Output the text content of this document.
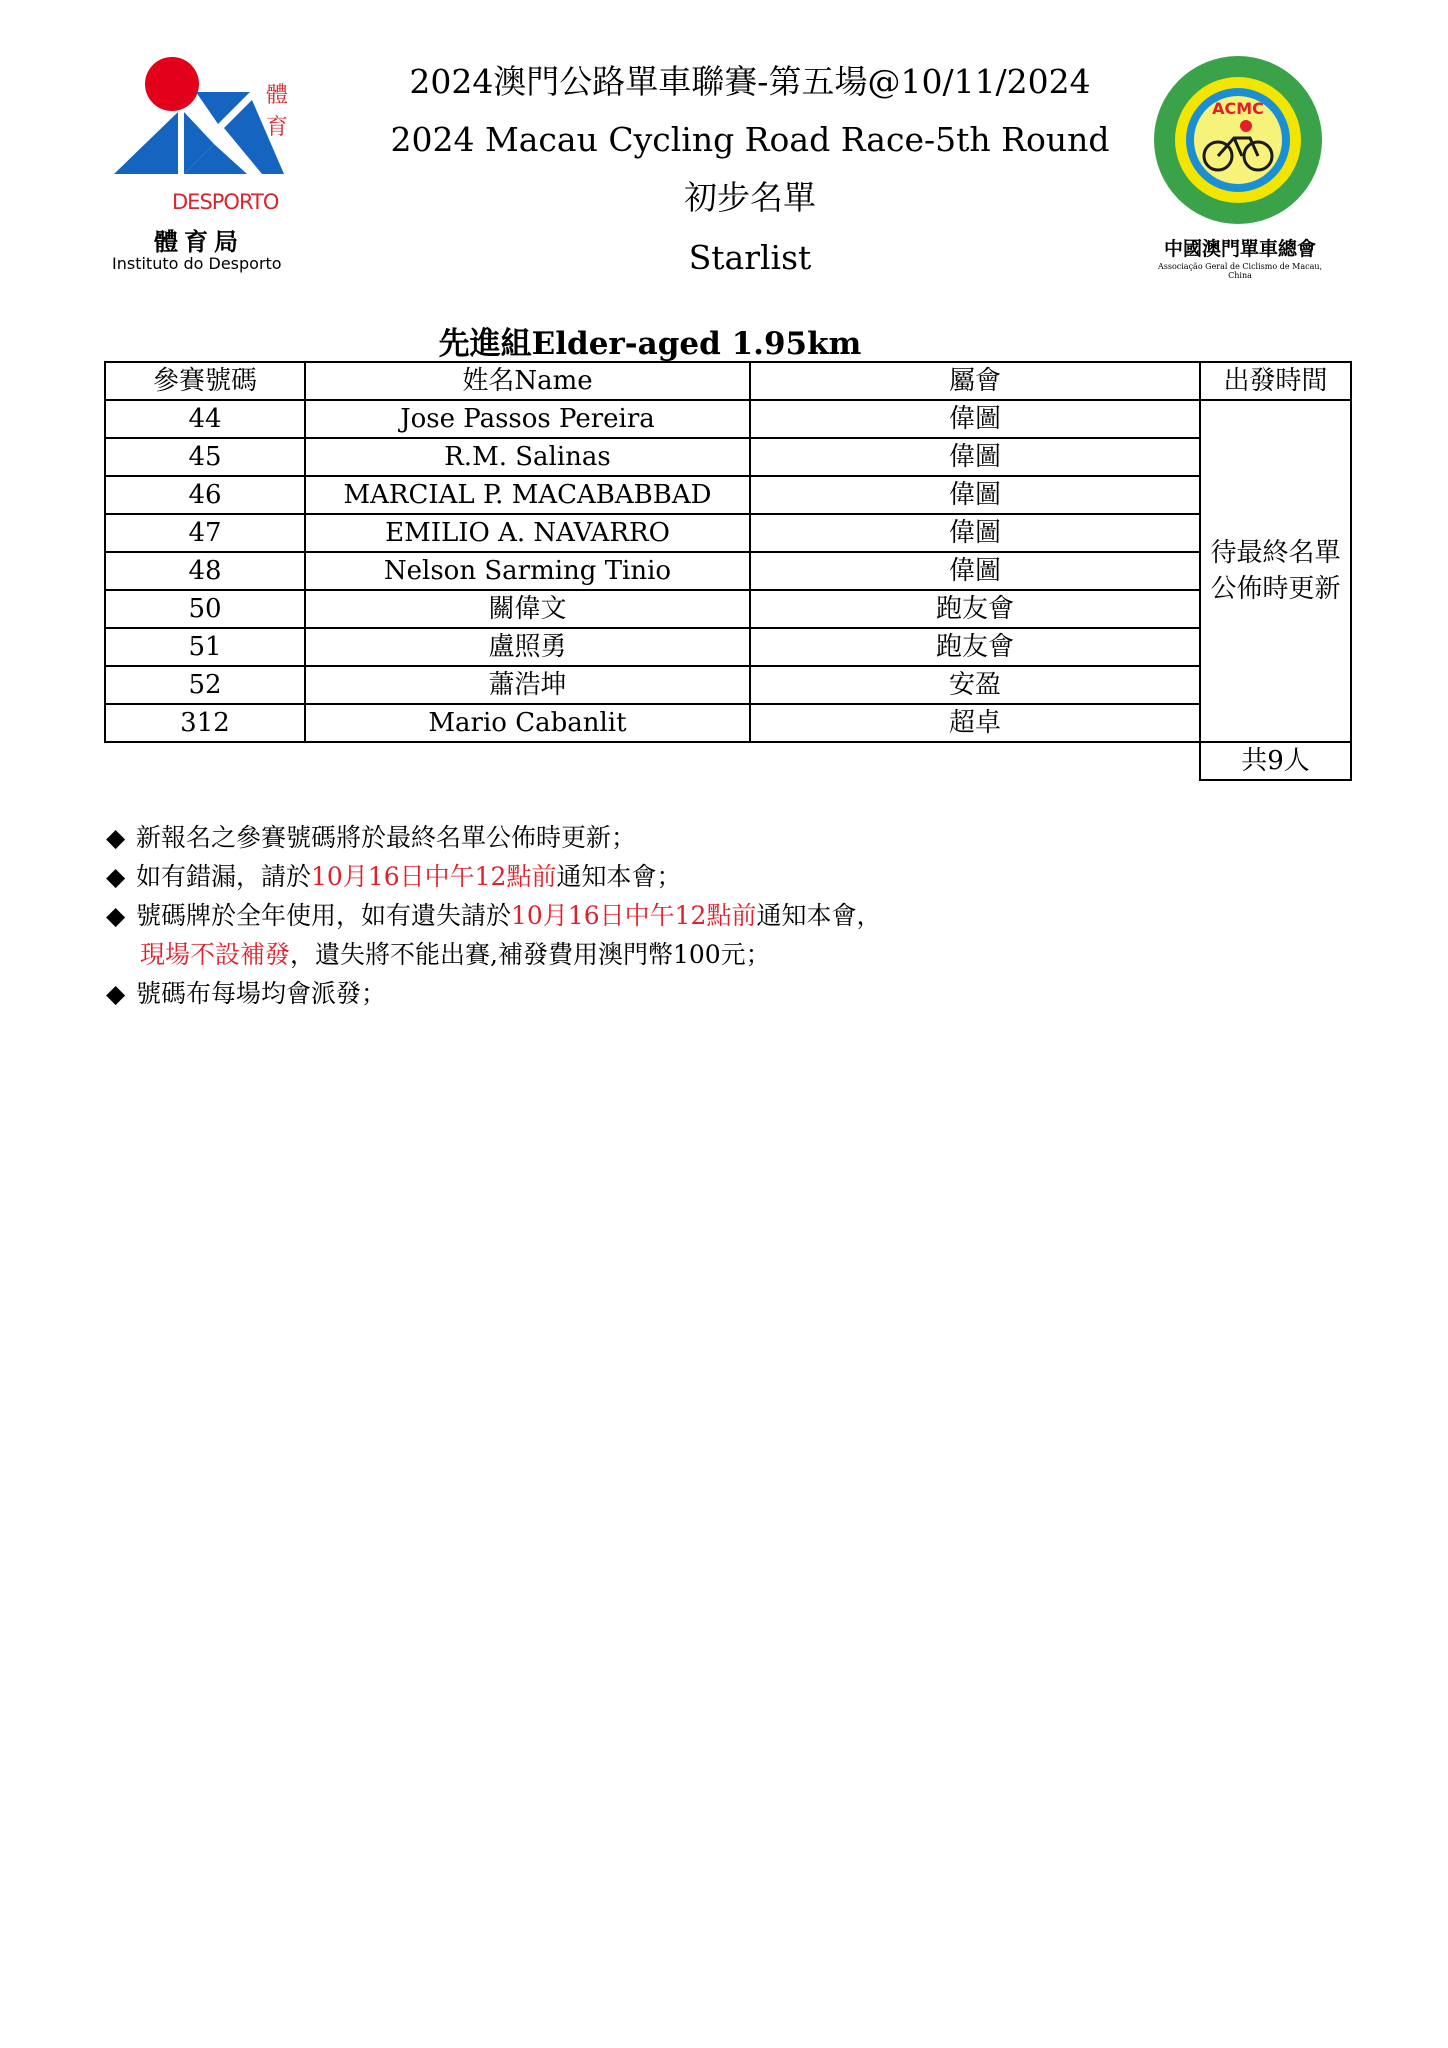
體育
DESPORTO
體育局
Instituto do Desporto
2024澳門公路單車聯賽-第五場@10/11/2024
2024 Macau Cycling Road Race-5th Round
初步名單
Starlist
ACMC
中國澳門單車總會
Associação Geral de Ciclismo de Macau, China
先進組Elder-aged 1.95km
參賽號碼	姓名Name	屬會	出發時間
44	Jose Passos Pereira	偉圖	待最終名單公佈時更新
45	R.M. Salinas	偉圖	
46	MARCIAL P. MACABABBAD	偉圖	
47	EMILIO A. NAVARRO	偉圖	
48	Nelson Sarming Tinio	偉圖	
50	關偉文	跑友會	
51	盧照勇	跑友會	
52	蕭浩坤	安盈	
312	Mario Cabanlit	超卓	
			共9人
◆ 新報名之參賽號碼將於最終名單公佈時更新；
◆ 如有錯漏，請於10月16日中午12點前通知本會；
◆ 號碼牌於全年使用，如有遺失請於10月16日中午12點前通知本會，
現場不設補發，遺失將不能出賽,補發費用澳門幣100元；
◆ 號碼布每場均會派發；
